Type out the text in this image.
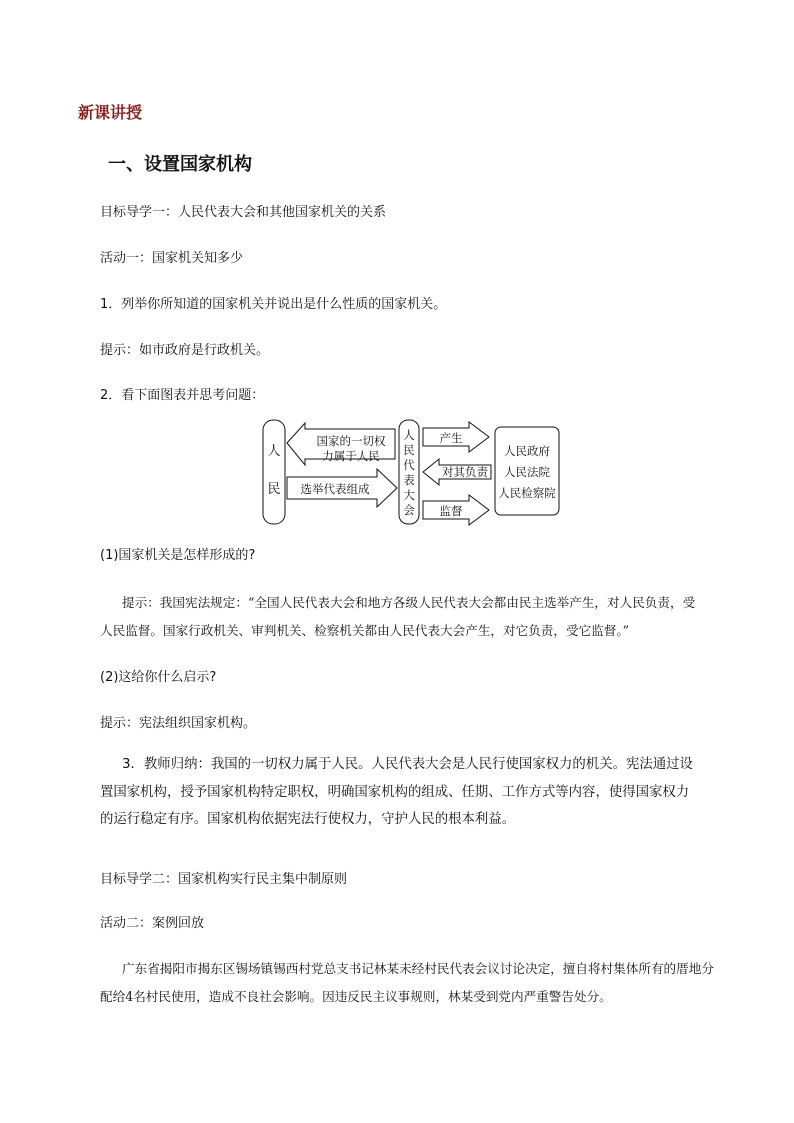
新课讲授
一、设置国家机构
目标导学一：人民代表大会和其他国家机关的关系
活动一：国家机关知多少
1．列举你所知道的国家机关并说出是什么性质的国家机关。
提示：如市政府是行政机关。
2．看下面图表并思考问题：
人
民
国家的一切权
力属于人民
选举代表组成
人
民
代
表
大
会
产生
对其负责
监督
人民政府
人民法院
人民检察院
(1)国家机关是怎样形成的?
提示：我国宪法规定：“全国人民代表大会和地方各级人民代表大会都由民主选举产生，对人民负责，受人民监督。国家行政机关、审判机关、检察机关都由人民代表大会产生，对它负责，受它监督。”
(2)这给你什么启示?
提示：宪法组织国家机构。
3．教师归纳：我国的一切权力属于人民。人民代表大会是人民行使国家权力的机关。宪法通过设置国家机构，授予国家机构特定职权，明确国家机构的组成、任期、工作方式等内容，使得国家权力的运行稳定有序。国家机构依据宪法行使权力，守护人民的根本利益。
目标导学二：国家机构实行民主集中制原则
活动二：案例回放
广东省揭阳市揭东区锡场镇锡西村党总支书记林某未经村民代表会议讨论决定，擅自将村集体所有的厝地分配给4名村民使用，造成不良社会影响。因违反民主议事规则，林某受到党内严重警告处分。
